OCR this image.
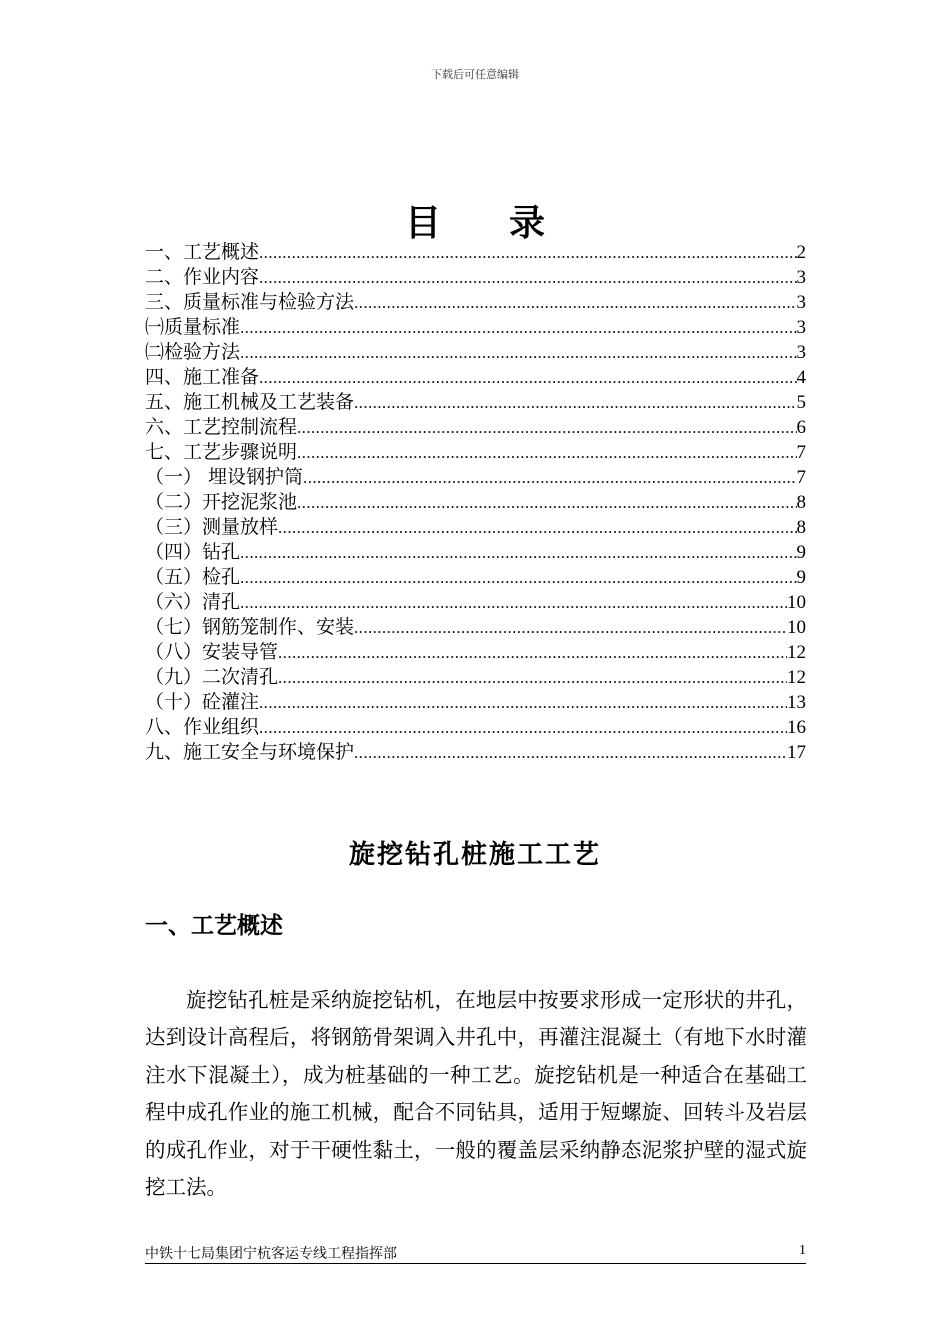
下载后可任意编辑
目录
一、工艺概述 .....	2
二、作业内容 .....	3
三、质量标准与检验方法 .....	3
㈠质量标准 .....	3
㈡检验方法 .....	3
四、施工准备 .....	4
五、施工机械及工艺装备 .....	5
六、工艺控制流程 .....	6
七、工艺步骤说明 .....	7
（一） 埋设钢护筒 .....	7
（二）开挖泥浆池 .....	8
（三）测量放样 .....	8
（四）钻孔 .....	9
（五）检孔 .....	9
（六）清孔 .....	10
（七）钢筋笼制作、安装 .....	10
（八）安装导管 .....	12
（九）二次清孔 .....	12
（十）砼灌注 .....	13
八、作业组织 .....	16
九、施工安全与环境保护 .....	17
旋挖钻孔桩施工工艺
一、工艺概述

旋挖钻孔桩是采纳旋挖钻机，在地层中按要求形成一定形状的井孔，达到设计高程后，将钢筋骨架调入井孔中，再灌注混凝土（有地下水时灌注水下混凝土），成为桩基础的一种工艺。旋挖钻机是一种适合在基础工程中成孔作业的施工机械，配合不同钻具，适用于短螺旋、回转斗及岩层的成孔作业，对于干硬性黏土，一般的覆盖层采纳静态泥浆护壁的湿式旋挖工法。

中铁十七局集团宁杭客运专线工程指挥部	1
